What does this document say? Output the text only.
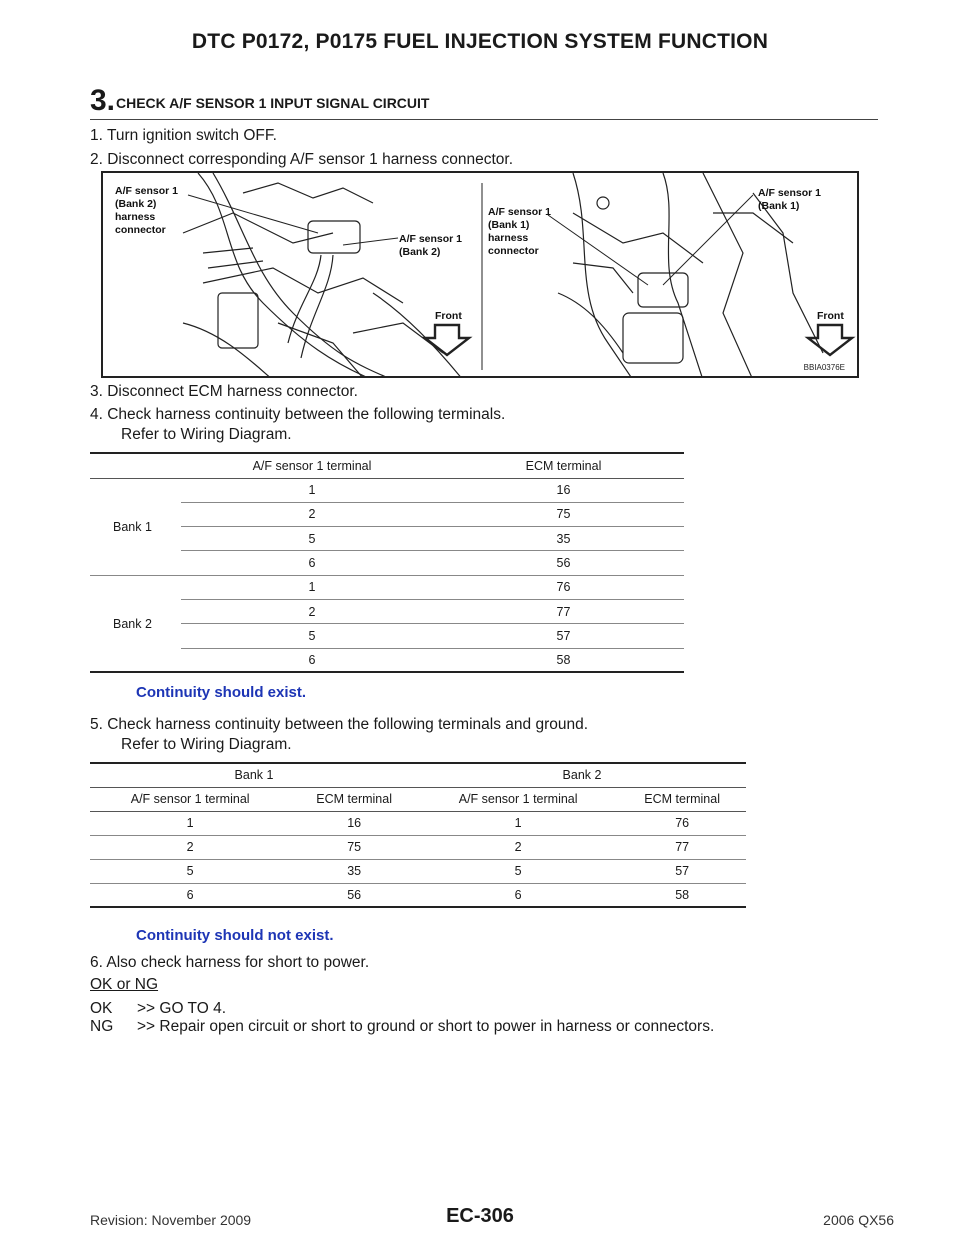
DTC P0172, P0175 FUEL INJECTION SYSTEM FUNCTION
3. CHECK A/F SENSOR 1 INPUT SIGNAL CIRCUIT
1. Turn ignition switch OFF.
2. Disconnect corresponding A/F sensor 1 harness connector.
A/F sensor 1
(Bank 2)
harness
connector
A/F sensor 1
(Bank 2)
Front
A/F sensor 1
(Bank 1)
harness
connector
A/F sensor 1
(Bank 1)
Front
BBIA0376E
3. Disconnect ECM harness connector.
4. Check harness continuity between the following terminals.
Refer to Wiring Diagram.
	A/F sensor 1 terminal	ECM terminal
Bank 1	1	16
	2	75
	5	35
	6	56
Bank 2	1	76
	2	77
	5	57
	6	58
Continuity should exist.
5. Check harness continuity between the following terminals and ground.
Refer to Wiring Diagram.
Bank 1		Bank 2	
A/F sensor 1 terminal	ECM terminal	A/F sensor 1 terminal	ECM terminal
1	16	1	76
2	75	2	77
5	35	5	57
6	56	6	58
Continuity should not exist.
6. Also check harness for short to power.
OK or NG
OK >> GO TO 4.
NG >> Repair open circuit or short to ground or short to power in harness or connectors.
EC-306
Revision: November 2009	2006 QX56
